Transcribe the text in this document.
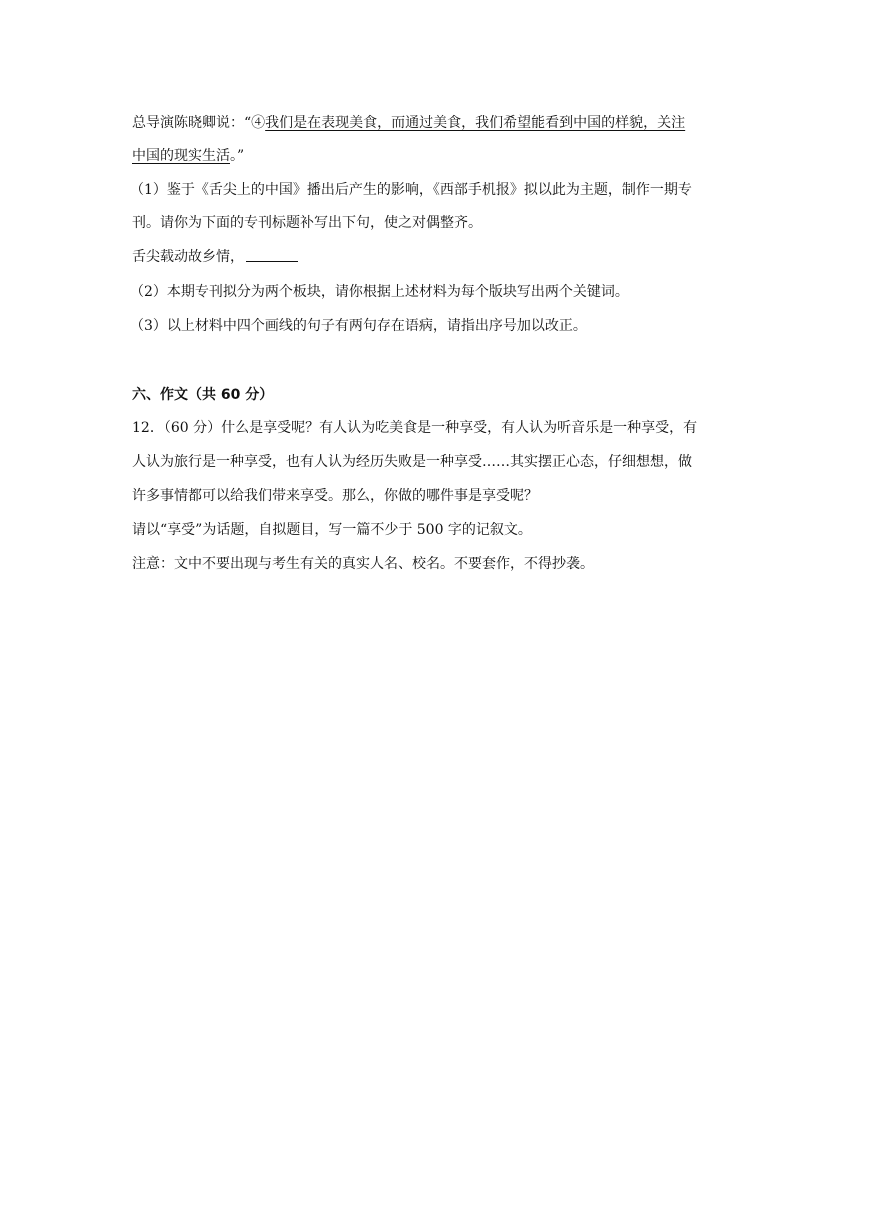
总导演陈晓卿说：“④我们是在表现美食，而通过美食，我们希望能看到中国的样貌，关注
中国的现实生活。”
（1）鉴于《舌尖上的中国》播出后产生的影响，《西部手机报》拟以此为主题，制作一期专
刊。请你为下面的专刊标题补写出下句，使之对偶整齐。
舌尖载动故乡情，
（2）本期专刊拟分为两个板块，请你根据上述材料为每个版块写出两个关键词。
（3）以上材料中四个画线的句子有两句存在语病，请指出序号加以改正。
六、作文（共 60 分）
12．（60 分）什么是享受呢？有人认为吃美食是一种享受，有人认为听音乐是一种享受，有
人认为旅行是一种享受，也有人认为经历失败是一种享受……其实摆正心态，仔细想想，做
许多事情都可以给我们带来享受。那么，你做的哪件事是享受呢？
请以“享受”为话题，自拟题目，写一篇不少于 500 字的记叙文。
注意：文中不要出现与考生有关的真实人名、校名。不要套作，不得抄袭。
